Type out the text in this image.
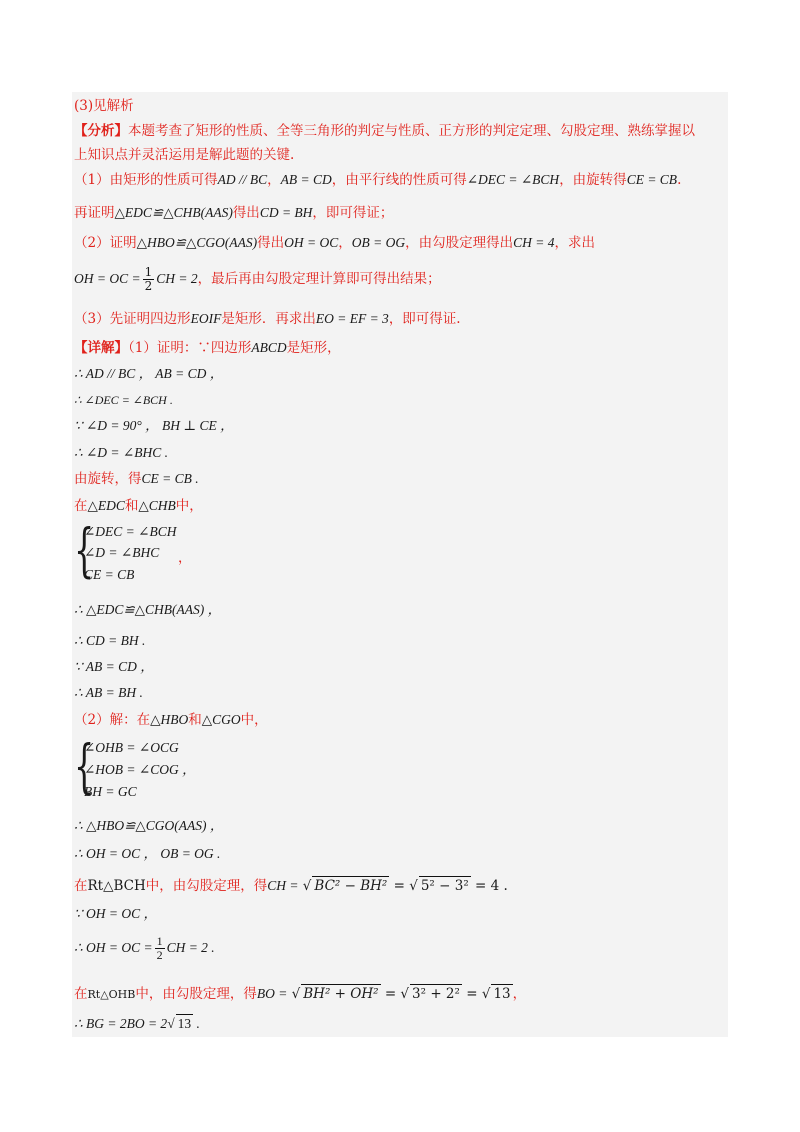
(3)见解析
【分析】本题考查了矩形的性质、全等三角形的判定与性质、正方形的判定定理、勾股定理、熟练掌握以
上知识点并灵活运用是解此题的关键.
（1）由矩形的性质可得AD // BC，AB = CD，由平行线的性质可得∠DEC = ∠BCH，由旋转得CE = CB.
再证明△EDC≌△CHB(AAS)得出CD = BH，即可得证；
（2）证明△HBO≌△CGO(AAS)得出OH = OC，OB = OG，由勾股定理得出CH = 4，求出
OH = OC = $\frac{1}{2}$ CH = 2，最后再由勾股定理计算即可得出结果；
（3）先证明四边形EOIF是矩形．再求出EO = EF = 3，即可得证.
【详解】（1）证明：∵四边形ABCD是矩形，
∴ AD // BC ， AB = CD ，
∴ ∠DEC = ∠BCH .
∵ ∠D = 90° ， BH ⊥ CE ，
∴ ∠D = ∠BHC .
由旋转，得CE = CB .
在△EDC和△CHB中，
{
∠DEC = ∠BCH
∠D = ∠BHC
CE = CB
，
∴ △EDC≌△CHB(AAS) ，
∴ CD = BH .
∵ AB = CD ，
∴ AB = BH .
（2）解：在△HBO和△CGO中，
{
∠OHB = ∠OCG
∠HOB = ∠COG ，
BH = GC
∴ △HBO≌△CGO(AAS) ，
∴ OH = OC ， OB = OG .
在Rt△BCH中，由勾股定理，得CH = √ BC² − BH² = √ 5² − 3² = 4 .
∵ OH = OC ，
∴ OH = OC = $\frac{1}{2}$ CH = 2 .
在Rt△OHB中，由勾股定理，得BO = √ BH² + OH² = √ 3² + 2² = √ 13 ，
∴ BG = 2BO = 2√ 13 .
